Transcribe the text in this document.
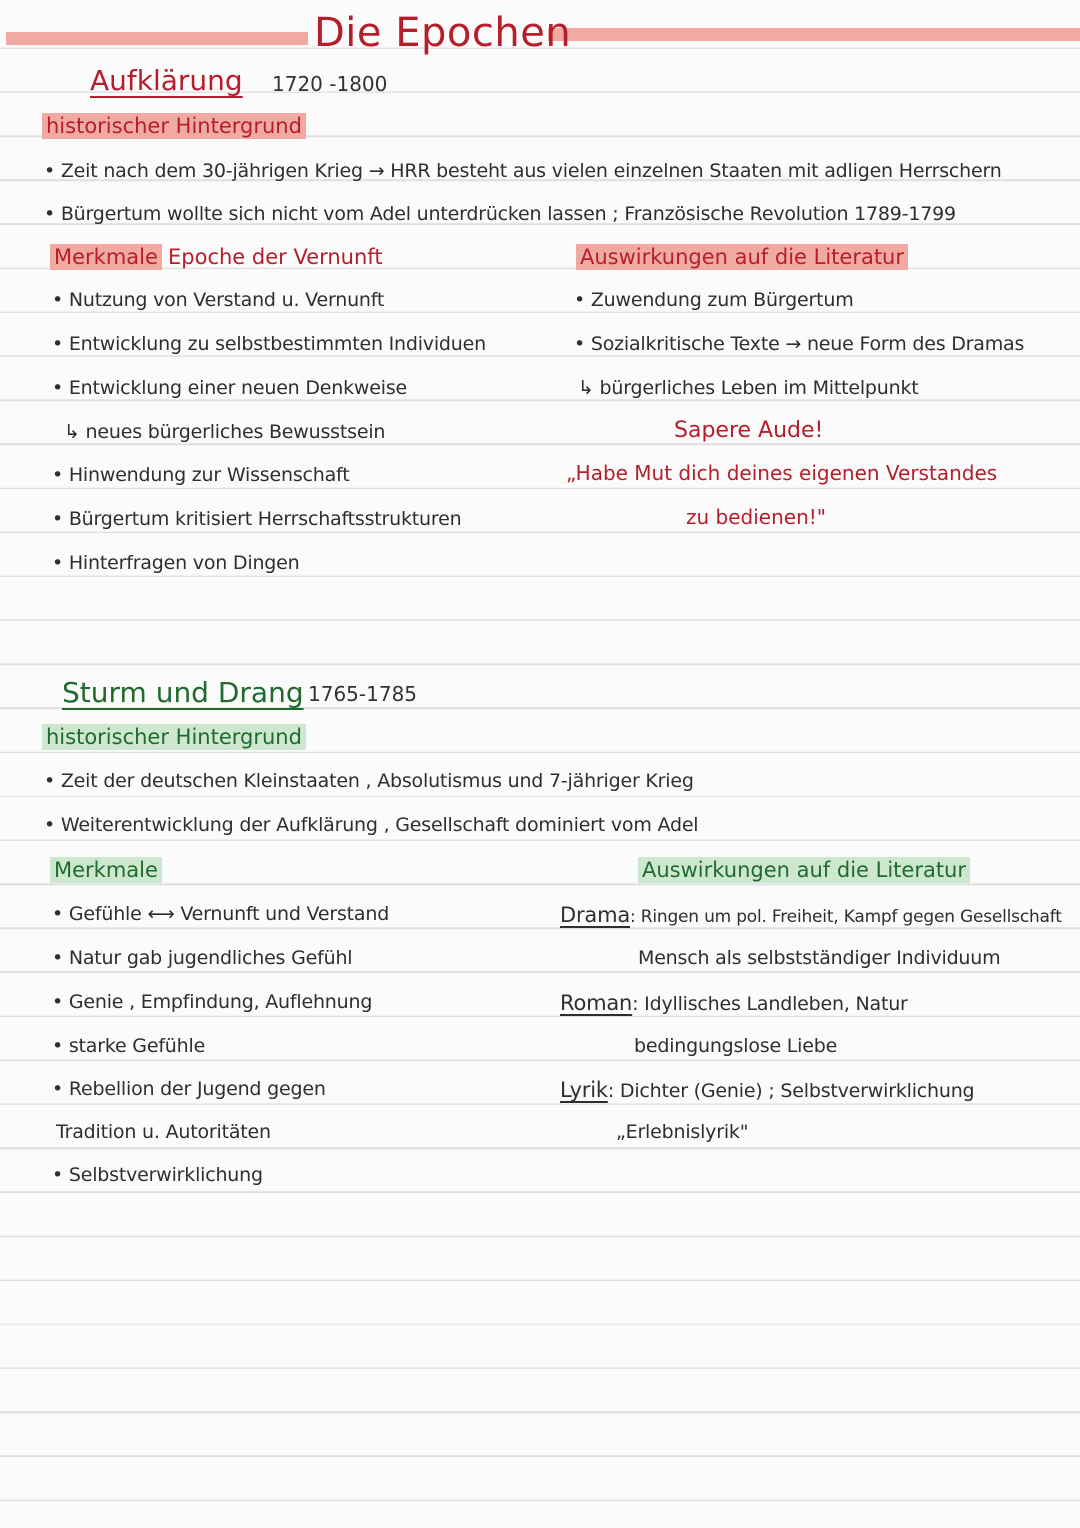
Die Epochen
Aufklärung 1720 -1800
historischer Hintergrund
• Zeit nach dem 30-jährigen Krieg → HRR besteht aus vielen einzelnen Staaten mit adligen Herrschern
• Bürgertum wollte sich nicht vom Adel unterdrücken lassen ; Französische Revolution 1789-1799
Merkmale Epoche der Vernunft
• Nutzung von Verstand u. Vernunft
• Entwicklung zu selbstbestimmten Individuen
• Entwicklung einer neuen Denkweise
↳ neues bürgerliches Bewusstsein
• Hinwendung zur Wissenschaft
• Bürgertum kritisiert Herrschaftsstrukturen
• Hinterfragen von Dingen
Auswirkungen auf die Literatur
• Zuwendung zum Bürgertum
• Sozialkritische Texte → neue Form des Dramas
↳ bürgerliches Leben im Mittelpunkt
Sapere Aude!
„Habe Mut dich deines eigenen Verstandes
zu bedienen!"
Sturm und Drang 1765-1785
historischer Hintergrund
• Zeit der deutschen Kleinstaaten , Absolutismus und 7-jähriger Krieg
• Weiterentwicklung der Aufklärung , Gesellschaft dominiert vom Adel
Merkmale
• Gefühle ⟷ Vernunft und Verstand
• Natur gab jugendliches Gefühl
• Genie , Empfindung, Auflehnung
• starke Gefühle
• Rebellion der Jugend gegen
Tradition u. Autoritäten
• Selbstverwirklichung
Auswirkungen auf die Literatur
Drama: Ringen um pol. Freiheit, Kampf gegen Gesellschaft
Mensch als selbstständiger Individuum
Roman: Idyllisches Landleben, Natur
bedingungslose Liebe
Lyrik: Dichter (Genie) ; Selbstverwirklichung
„Erlebnislyrik"
